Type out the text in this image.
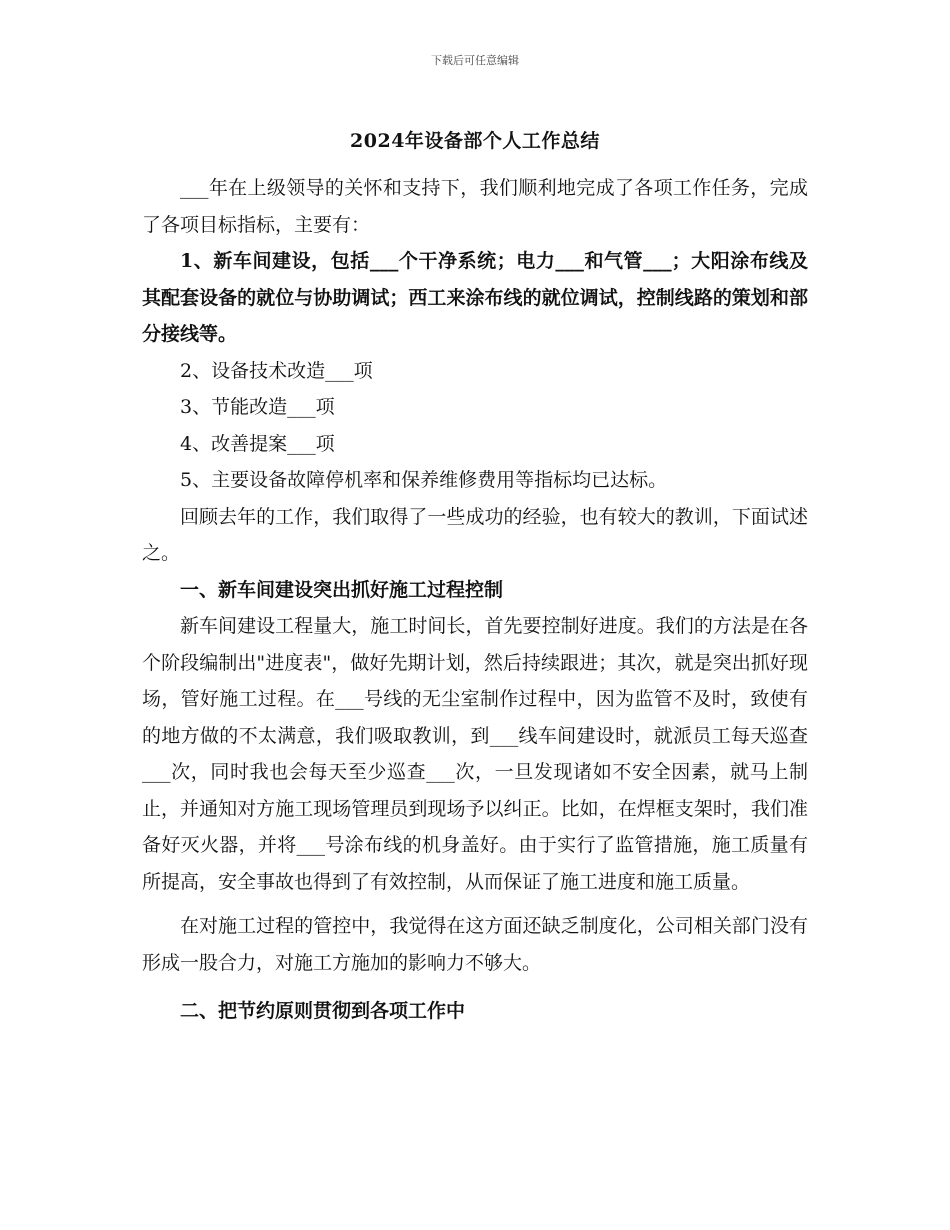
下载后可任意编辑
2024年设备部个人工作总结

___年在上级领导的关怀和支持下，我们顺利地完成了各项工作任务，完成了各项目标指标，主要有：

1、新车间建设，包括___个干净系统；电力___和气管___；大阳涂布线及其配套设备的就位与协助调试；西工来涂布线的就位调试，控制线路的策划和部分接线等。

2、设备技术改造___项

3、节能改造___项

4、改善提案___项

5、主要设备故障停机率和保养维修费用等指标均已达标。

回顾去年的工作，我们取得了一些成功的经验，也有较大的教训，下面试述之。

一、新车间建设突出抓好施工过程控制

新车间建设工程量大，施工时间长，首先要控制好进度。我们的方法是在各个阶段编制出"进度表"，做好先期计划，然后持续跟进；其次，就是突出抓好现场，管好施工过程。在___号线的无尘室制作过程中，因为监管不及时，致使有的地方做的不太满意，我们吸取教训，到___线车间建设时，就派员工每天巡查___次，同时我也会每天至少巡查___次，一旦发现诸如不安全因素，就马上制止，并通知对方施工现场管理员到现场予以纠正。比如，在焊框支架时，我们准备好灭火器，并将___号涂布线的机身盖好。由于实行了监管措施，施工质量有所提高，安全事故也得到了有效控制，从而保证了施工进度和施工质量。

在对施工过程的管控中，我觉得在这方面还缺乏制度化，公司相关部门没有形成一股合力，对施工方施加的影响力不够大。

二、把节约原则贯彻到各项工作中
